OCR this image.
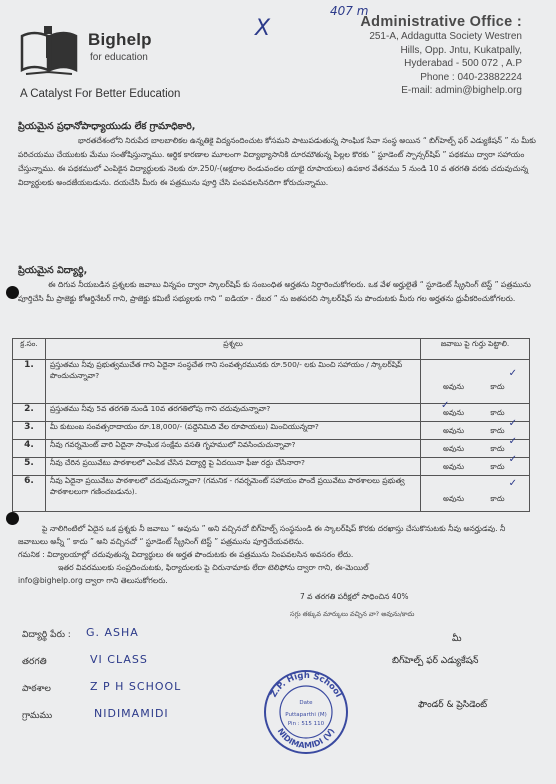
Bighelp
for education
A Catalyst For Better Education
X
407 m
Administrative Office :
251-A, Addagutta Society Westren
Hills, Opp. Jntu, Kukatpally,
Hyderabad - 500 072 , A.P
Phone : 040-23882224
E-mail: admin@bighelp.org

ప్రియమైన ప్రధానోపాధ్యాయుడు లేక గ్రామాధికారి,

భారతదేశంలోని నిరుపేద బాలబాలికల ఉన్నతికై విద్యనందించుట కోసమని పాటుపడుతున్న సాంఘిక సేవా సంస్థ అయిన “ బిగ్‌హెల్ప్ ఫర్ ఎడ్యుకేషన్ ” ను మీకు పరిచయము చేయుటకు మేము సంతోషిస్తున్నాము. ఆర్థిక కారణాల మూలంగా విద్యాభ్యాసానికి దూరమౌతున్న పిల్లల కొరకు “ స్టూడెంట్ స్పాన్సర్‌షిప్ ” పథకము ద్వారా సహాయం చేస్తున్నాము. ఈ పథకములో ఎంపికైన విద్యార్థులకు నెలకు రూ.250/-(అక్షరాల రెండువందల యాభై రూపాయలు) ఉపకార వేతనము 5 నుండి 10 వ తరగతి వరకు చదువుచున్న విద్యార్థులకు అందజేయబడును. దయచేసి మీరు ఈ పత్రమును పూర్తి చేసి పంపవలసినదిగా కోరుచున్నాము.

ప్రియమైన విద్యార్థి,

ఈ దిగువ నీయబడిన ప్రశ్నలకు జవాబు విన్నపం ద్వారా స్కాలర్‌షిప్ కు సంబంధిత అర్హతను నిర్ధారించుకోగలరు. ఒక వేళ అర్హులైతే “ స్టూడెంట్ స్క్రీనింగ్ టెస్ట్ ” పత్రమును పూర్తిచేసి మీ ప్రాజెక్టు కోఆర్డినేటర్ గాని, ప్రాజెక్టు కమిటీ సభ్యులకు గాని “ ఐడియా - దేబర ” ను జతపరచి స్కాలర్‌షిప్ ను పొందుటకు మీరు గల అర్హతను ధ్రువీకరించుకోగలరు.

క్ర.సం.	ప్రశ్నలు	జవాబు పై గుర్తు పెట్టాలి.
1.	ప్రస్తుతము నీవు ప్రభుత్వముచేత గాని ఏదైనా సంస్థచేత గాని సంవత్సరమునకు రూ.500/- లకు మించి సహాయం / స్కాలర్‌షిప్ పొందుచున్నావా?	అవును కాదు
✓

2.	ప్రస్తుతము నీవు 5వ తరగతి నుండి 10వ తరగతిలోపు గాని చదువుచున్నావా?	అవును కాదు
✓

3.	మీ కుటుంబ సంవత్సరాదాయం రూ.18,000/- (పద్దెనిమిది వేల రూపాయలు) మించియున్నదా?	అవును కాదు
✓

4.	నీవు గవర్నమెంట్ వారి ఏదైనా సాంఘిక సంక్షేమ వసతి గృహములో నివసించుచున్నావా?	అవును కాదు
✓

5.	నీవు చేరిన ప్రయివేటు పాఠశాలలో ఎంపిక చేసిన విద్యార్థి పై ఏదయినా ఫీజు రద్దు చేసినారా?	అవును కాదు
✓

6.	నీవు ఏదైనా ప్రయివేటు పాఠశాలలో చదువుచున్నావా? (గమనిక - గవర్నమెంట్ సహాయం పొందే ప్రయివేటు పాఠశాలలు ప్రభుత్వ పాఠశాలలుగా గణించబడును).	అవును కాదు
✓

పై నాలిగింటిలో ఏదైన ఒక ప్రశ్నకు నీ జవాబు “ అవును ” అని వచ్చినచో బిగ్‌హెల్ప్ సంస్థనుండి ఈ స్కాలర్‌షిప్ కొరకు దరఖాస్తు చేసుకొనుటకు నీవు అనర్హుడవు. నీ జవాబులు అన్నీ “ కాదు ” అని వచ్చినచో “ స్టూడెంట్ స్క్రీనింగ్ టెస్ట్ ” పత్రమును పూర్తిచేయవలెను.

గమనిక : విద్యాలయాల్లో చదువుతున్న విద్యార్థులు ఈ అర్హత పొందుటకు ఈ పత్రమును నింపవలసిన అవసరం లేదు.

ఇతర వివరములకు సంప్రదించుటకు, ఫిర్యాదులకు పై చిరునామాకు లేదా టెలిఫోను ద్వారా గాని, ఈ-మెయిల్

info@bighelp.org ద్వారా గాని తెలుసుకోగలరు.

7 వ తరగతి పరీక్షలో సాధించిన 40%
సగ్గు తక్కువ మార్కులు వచ్చిన వా? అవును/కాదు
విద్యార్థి పేరు : G. ASHA
తరగతి	VI CLASS
పాఠశాల	Z P H SCHOOL
గ్రామము	NIDIMAMIDI
మీ
బిగ్‌హెల్ప్ ఫర్ ఎడ్యుకేషన్
ఫౌండర్ & ప్రెసిడెంట్
Z.P. High School
NIDIMAMIDI (V)
Date
Puttaparthi (M)
Pin : 515 110
